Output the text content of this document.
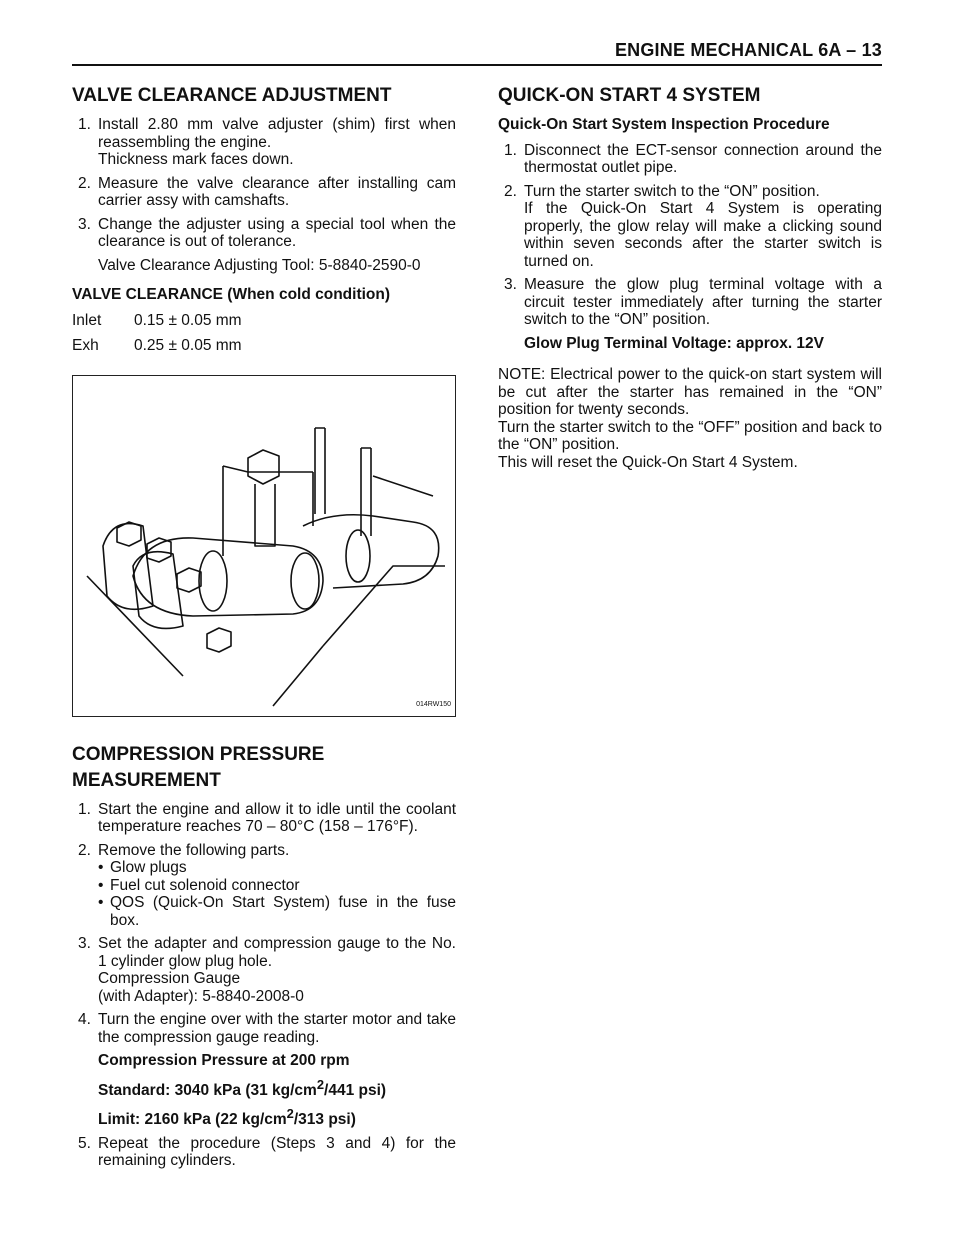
ENGINE MECHANICAL 6A – 13
VALVE CLEARANCE ADJUSTMENT
1. Install 2.80 mm valve adjuster (shim) first when reassembling the engine.
Thickness mark faces down.
2. Measure the valve clearance after installing cam carrier assy with camshafts.
3. Change the adjuster using a special tool when the clearance is out of tolerance.
Valve Clearance Adjusting Tool: 5-8840-2590-0
VALVE CLEARANCE (When cold condition)
Inlet	0.15 ± 0.05 mm
Exh	0.25 ± 0.05 mm
014RW150
COMPRESSION PRESSURE
MEASUREMENT
1. Start the engine and allow it to idle until the coolant temperature reaches 70 – 80°C (158 – 176°F).
2. Remove the following parts.
• Glow plugs
• Fuel cut solenoid connector
• QOS (Quick-On Start System) fuse in the fuse box.
3. Set the adapter and compression gauge to the No. 1 cylinder glow plug hole.
Compression Gauge
(with Adapter): 5-8840-2008-0
4. Turn the engine over with the starter motor and take the compression gauge reading.
Compression Pressure at 200 rpm
Standard: 3040 kPa (31 $kg/cm^2/441$ psi)
Limit: 2160 kPa (22 $kg/cm^2/313$ psi)
5. Repeat the procedure (Steps 3 and 4) for the remaining cylinders.
QUICK-ON START 4 SYSTEM
Quick-On Start System Inspection Procedure
1. Disconnect the ECT-sensor connection around the thermostat outlet pipe.
2. Turn the starter switch to the “ON” position.
If the Quick-On Start 4 System is operating properly, the glow relay will make a clicking sound within seven seconds after the starter switch is turned on.
3. Measure the glow plug terminal voltage with a circuit tester immediately after turning the starter switch to the “ON” position.
Glow Plug Terminal Voltage: approx. 12V
NOTE: Electrical power to the quick-on start system will be cut after the starter has remained in the “ON” position for twenty seconds.
Turn the starter switch to the “OFF” position and back to the “ON” position.
This will reset the Quick-On Start 4 System.
